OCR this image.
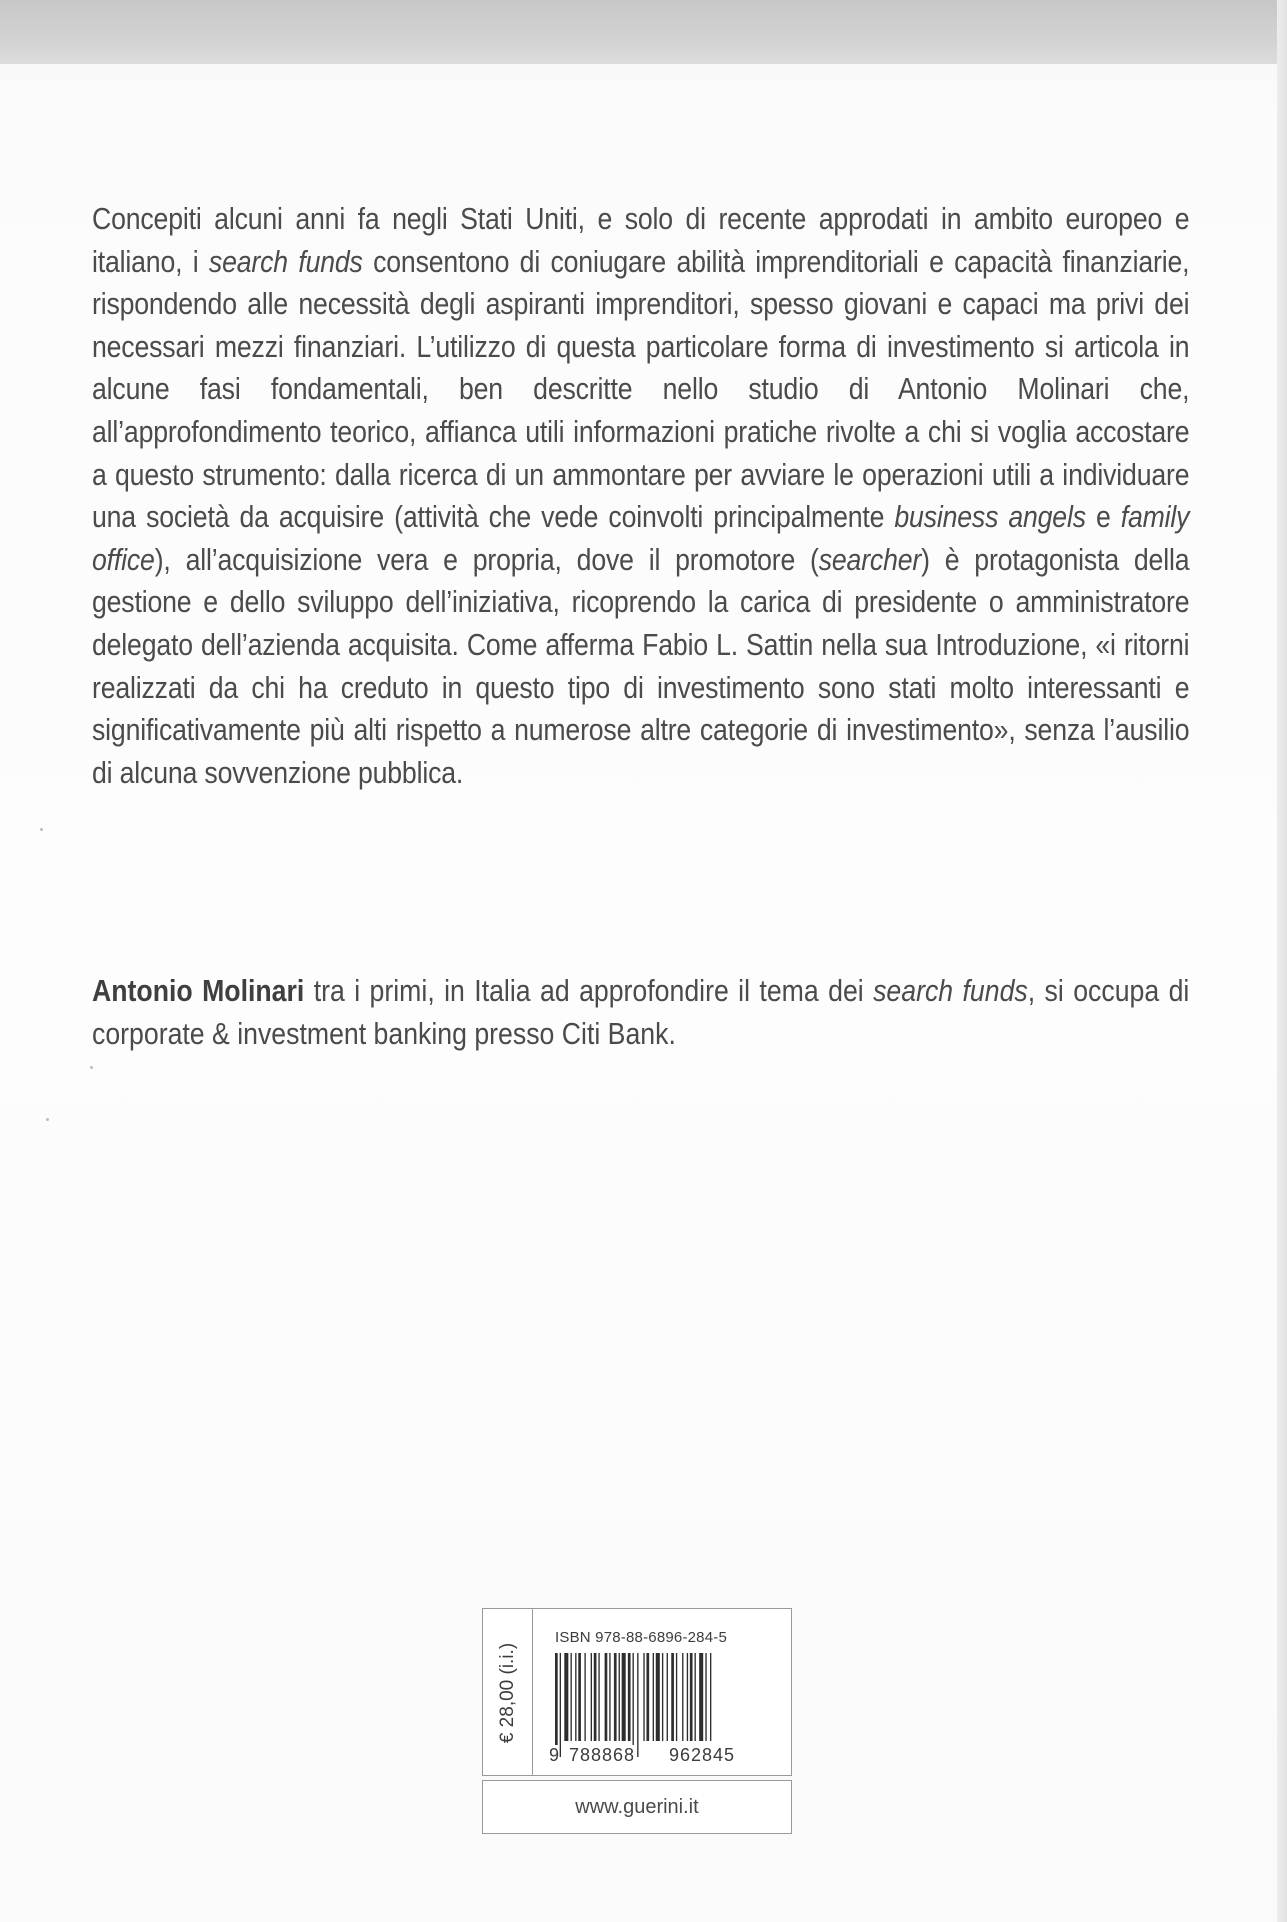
Concepiti alcuni anni fa negli Stati Uniti, e solo di recente approdati in ambito europeo e italiano, i search funds consentono di coniugare abilità imprenditoriali e capacità finanziarie, rispondendo alle necessità degli aspiranti imprenditori, spesso giovani e capaci ma privi dei necessari mezzi finanziari. L’utilizzo di questa particolare forma di investimento si articola in alcune fasi fondamentali, ben descritte nello studio di Antonio Molinari che, all’approfondimento teorico, affianca utili informazioni pratiche rivolte a chi si voglia accostare a questo strumento: dalla ricerca di un ammontare per avviare le operazioni utili a individuare una società da acquisire (attività che vede coinvolti principalmente business angels e family office), all’acquisizione vera e propria, dove il promotore (searcher) è protagonista della gestione e dello sviluppo dell’iniziativa, ricoprendo la carica di presidente o amministratore delegato dell’azienda acquisita. Come afferma Fabio L. Sattin nella sua Introduzione, «i ritorni realizzati da chi ha creduto in questo tipo di investimento sono stati molto interessanti e significativamente più alti rispetto a numerose altre categorie di investimento», senza l’ausilio di alcuna sovvenzione pubblica.
Antonio Molinari tra i primi, in Italia ad approfondire il tema dei search funds, si occupa di corporate & investment banking presso Citi Bank.
€ 28,00 (i.i.)
ISBN 978-88-6896-284-5
9 788868 962845
www.guerini.it
